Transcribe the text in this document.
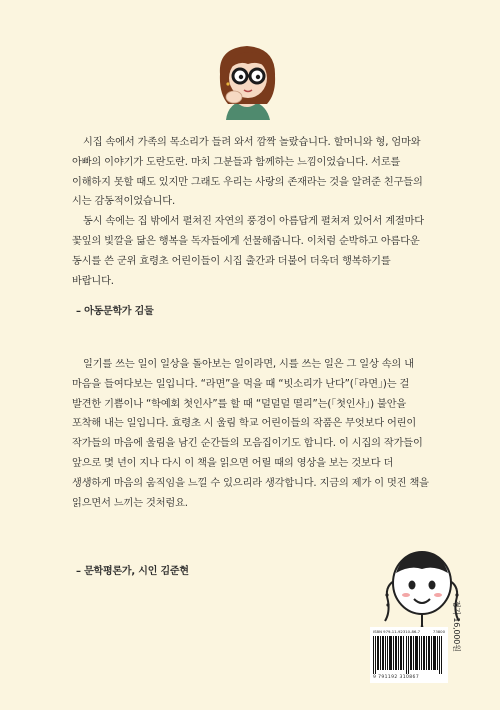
시집 속에서 가족의 목소리가 들려 와서 깜짝 놀랐습니다. 할머니와 형, 엄마와 아빠의 이야기가 도란도란. 마치 그분들과 함께하는 느낌이었습니다. 서로를 이해하지 못할 때도 있지만 그래도 우리는 사랑의 존재라는 것을 알려준 친구들의 시는 감동적이었습니다.

동시 속에는 집 밖에서 펼쳐진 자연의 풍경이 아름답게 펼쳐져 있어서 계절마다 꽃잎의 빛깔을 닮은 행복을 독자들에게 선물해줍니다. 이처럼 순박하고 아름다운 동시를 쓴 군위 효령초 어린이들이 시집 출간과 더불어 더욱더 행복하기를 바랍니다.

– 아동문학가 김둘

일기를 쓰는 일이 일상을 돌아보는 일이라면, 시를 쓰는 일은 그 일상 속의 내 마음을 들여다보는 일입니다. “라면”을 먹을 때 “빗소리가 난다”(「라면」)는 걸 발견한 기쁨이나 “학예회 첫인사”를 할 때 “덜덜덜 떨리”는(「첫인사」) 불안을 포착해 내는 일입니다. 효령초 시 울림 학교 어린이들의 작품은 무엇보다 어린이 작가들의 마음에 울림을 남긴 순간들의 모음집이기도 합니다. 이 시집의 작가들이 앞으로 몇 년이 지나 다시 이 책을 읽으면 어릴 때의 영상을 보는 것보다 더 생생하게 마음의 움직임을 느낄 수 있으리라 생각합니다. 지금의 제가 이 멋진 책을 읽으면서 느끼는 것처럼요.

– 문학평론가, 시인 김준현
정가 16,000원
ISBN 979-11-92310-86-7	73800
9 791192 310867
